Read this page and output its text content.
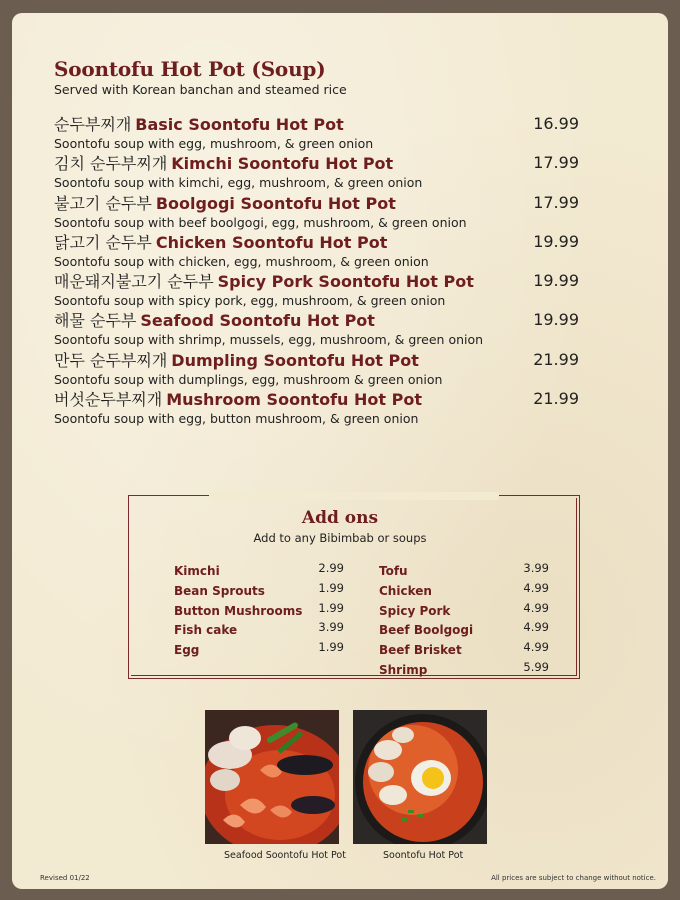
Soontofu Hot Pot (Soup)
Served with Korean banchan and steamed rice
순두부찌개 Basic Soontofu Hot Pot	16.99
Soontofu soup with egg, mushroom, & green onion
김치 순두부찌개 Kimchi Soontofu Hot Pot	17.99
Soontofu soup with kimchi, egg, mushroom, & green onion
불고기 순두부 Boolgogi Soontofu Hot Pot	17.99
Soontofu soup with beef boolgogi, egg, mushroom, & green onion
닭고기 순두부 Chicken Soontofu Hot Pot	19.99
Soontofu soup with chicken, egg, mushroom, & green onion
매운돼지불고기 순두부 Spicy Pork Soontofu Hot Pot	19.99
Soontofu soup with spicy pork, egg, mushroom, & green onion
해물 순두부 Seafood Soontofu Hot Pot	19.99
Soontofu soup with shrimp, mussels, egg, mushroom, & green onion
만두 순두부찌개 Dumpling Soontofu Hot Pot	21.99
Soontofu soup with dumplings, egg, mushroom & green onion
버섯순두부찌개 Mushroom Soontofu Hot Pot	21.99
Soontofu soup with egg, button mushroom, & green onion
Add ons
Add to any Bibimbab or soups
Kimchi	2.99
Bean Sprouts	1.99
Button Mushrooms 1.99
Fish cake	3.99
Egg	1.99
Tofu	3.99
Chicken	4.99
Spicy Pork	4.99
Beef Boolgogi	4.99
Beef Brisket	4.99
Shrimp	5.99
Seafood Soontofu Hot Pot	Soontofu Hot Pot
Revised 01/22	All prices are subject to change without notice.
